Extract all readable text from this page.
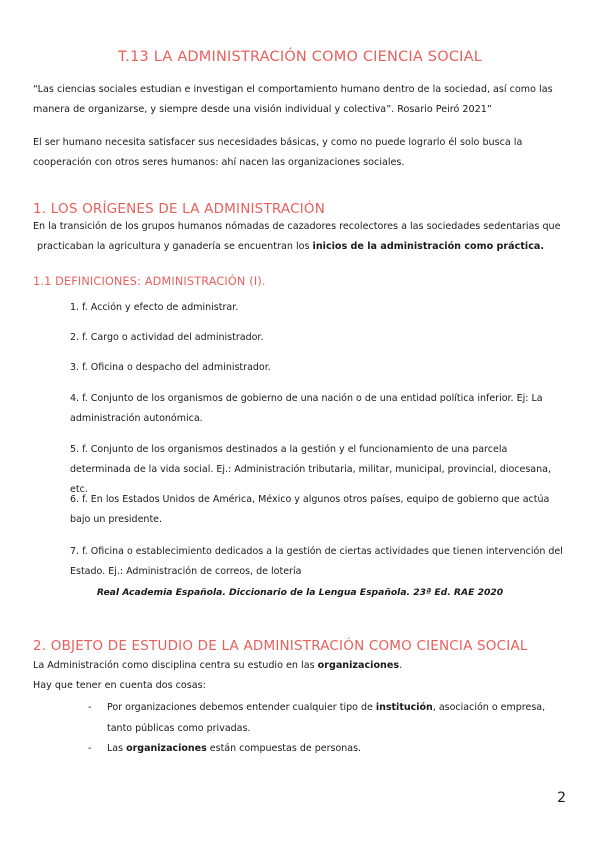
T.13 LA ADMINISTRACIÓN COMO CIENCIA SOCIAL
“Las ciencias sociales estudian e investigan el comportamiento humano dentro de la sociedad, así como las
manera de organizarse, y siempre desde una visión individual y colectiva”. Rosario Peiró 2021”
El ser humano necesita satisfacer sus necesidades básicas, y como no puede lograrlo él solo busca la
cooperación con otros seres humanos: ahí nacen las organizaciones sociales.
1. LOS ORÍGENES DE LA ADMINISTRACIÓN
En la transición de los grupos humanos nómadas de cazadores recolectores a las sociedades sedentarias que
practicaban la agricultura y ganadería se encuentran los inicios de la administración como práctica.
1.1 DEFINICIONES: ADMINISTRACIÓN (I).
1. f. Acción y efecto de administrar.
2. f. Cargo o actividad del administrador.
3. f. Oficina o despacho del administrador.
4. f. Conjunto de los organismos de gobierno de una nación o de una entidad política inferior. Ej: La
administración autonómica.
5. f. Conjunto de los organismos destinados a la gestión y el funcionamiento de una parcela
determinada de la vida social. Ej.: Administración tributaria, militar, municipal, provincial, diocesana, etc.
6. f. En los Estados Unidos de América, México y algunos otros países, equipo de gobierno que actúa
bajo un presidente.
7. f. Oficina o establecimiento dedicados a la gestión de ciertas actividades que tienen intervención del
Estado. Ej.: Administración de correos, de lotería
Real Academia Española. Diccionario de la Lengua Española. 23ª Ed. RAE 2020
2. OBJETO DE ESTUDIO DE LA ADMINISTRACIÓN COMO CIENCIA SOCIAL
La Administración como disciplina centra su estudio en las organizaciones.
Hay que tener en cuenta dos cosas:
- Por organizaciones debemos entender cualquier tipo de institución, asociación o empresa,
tanto públicas como privadas.
- Las organizaciones están compuestas de personas.
2
